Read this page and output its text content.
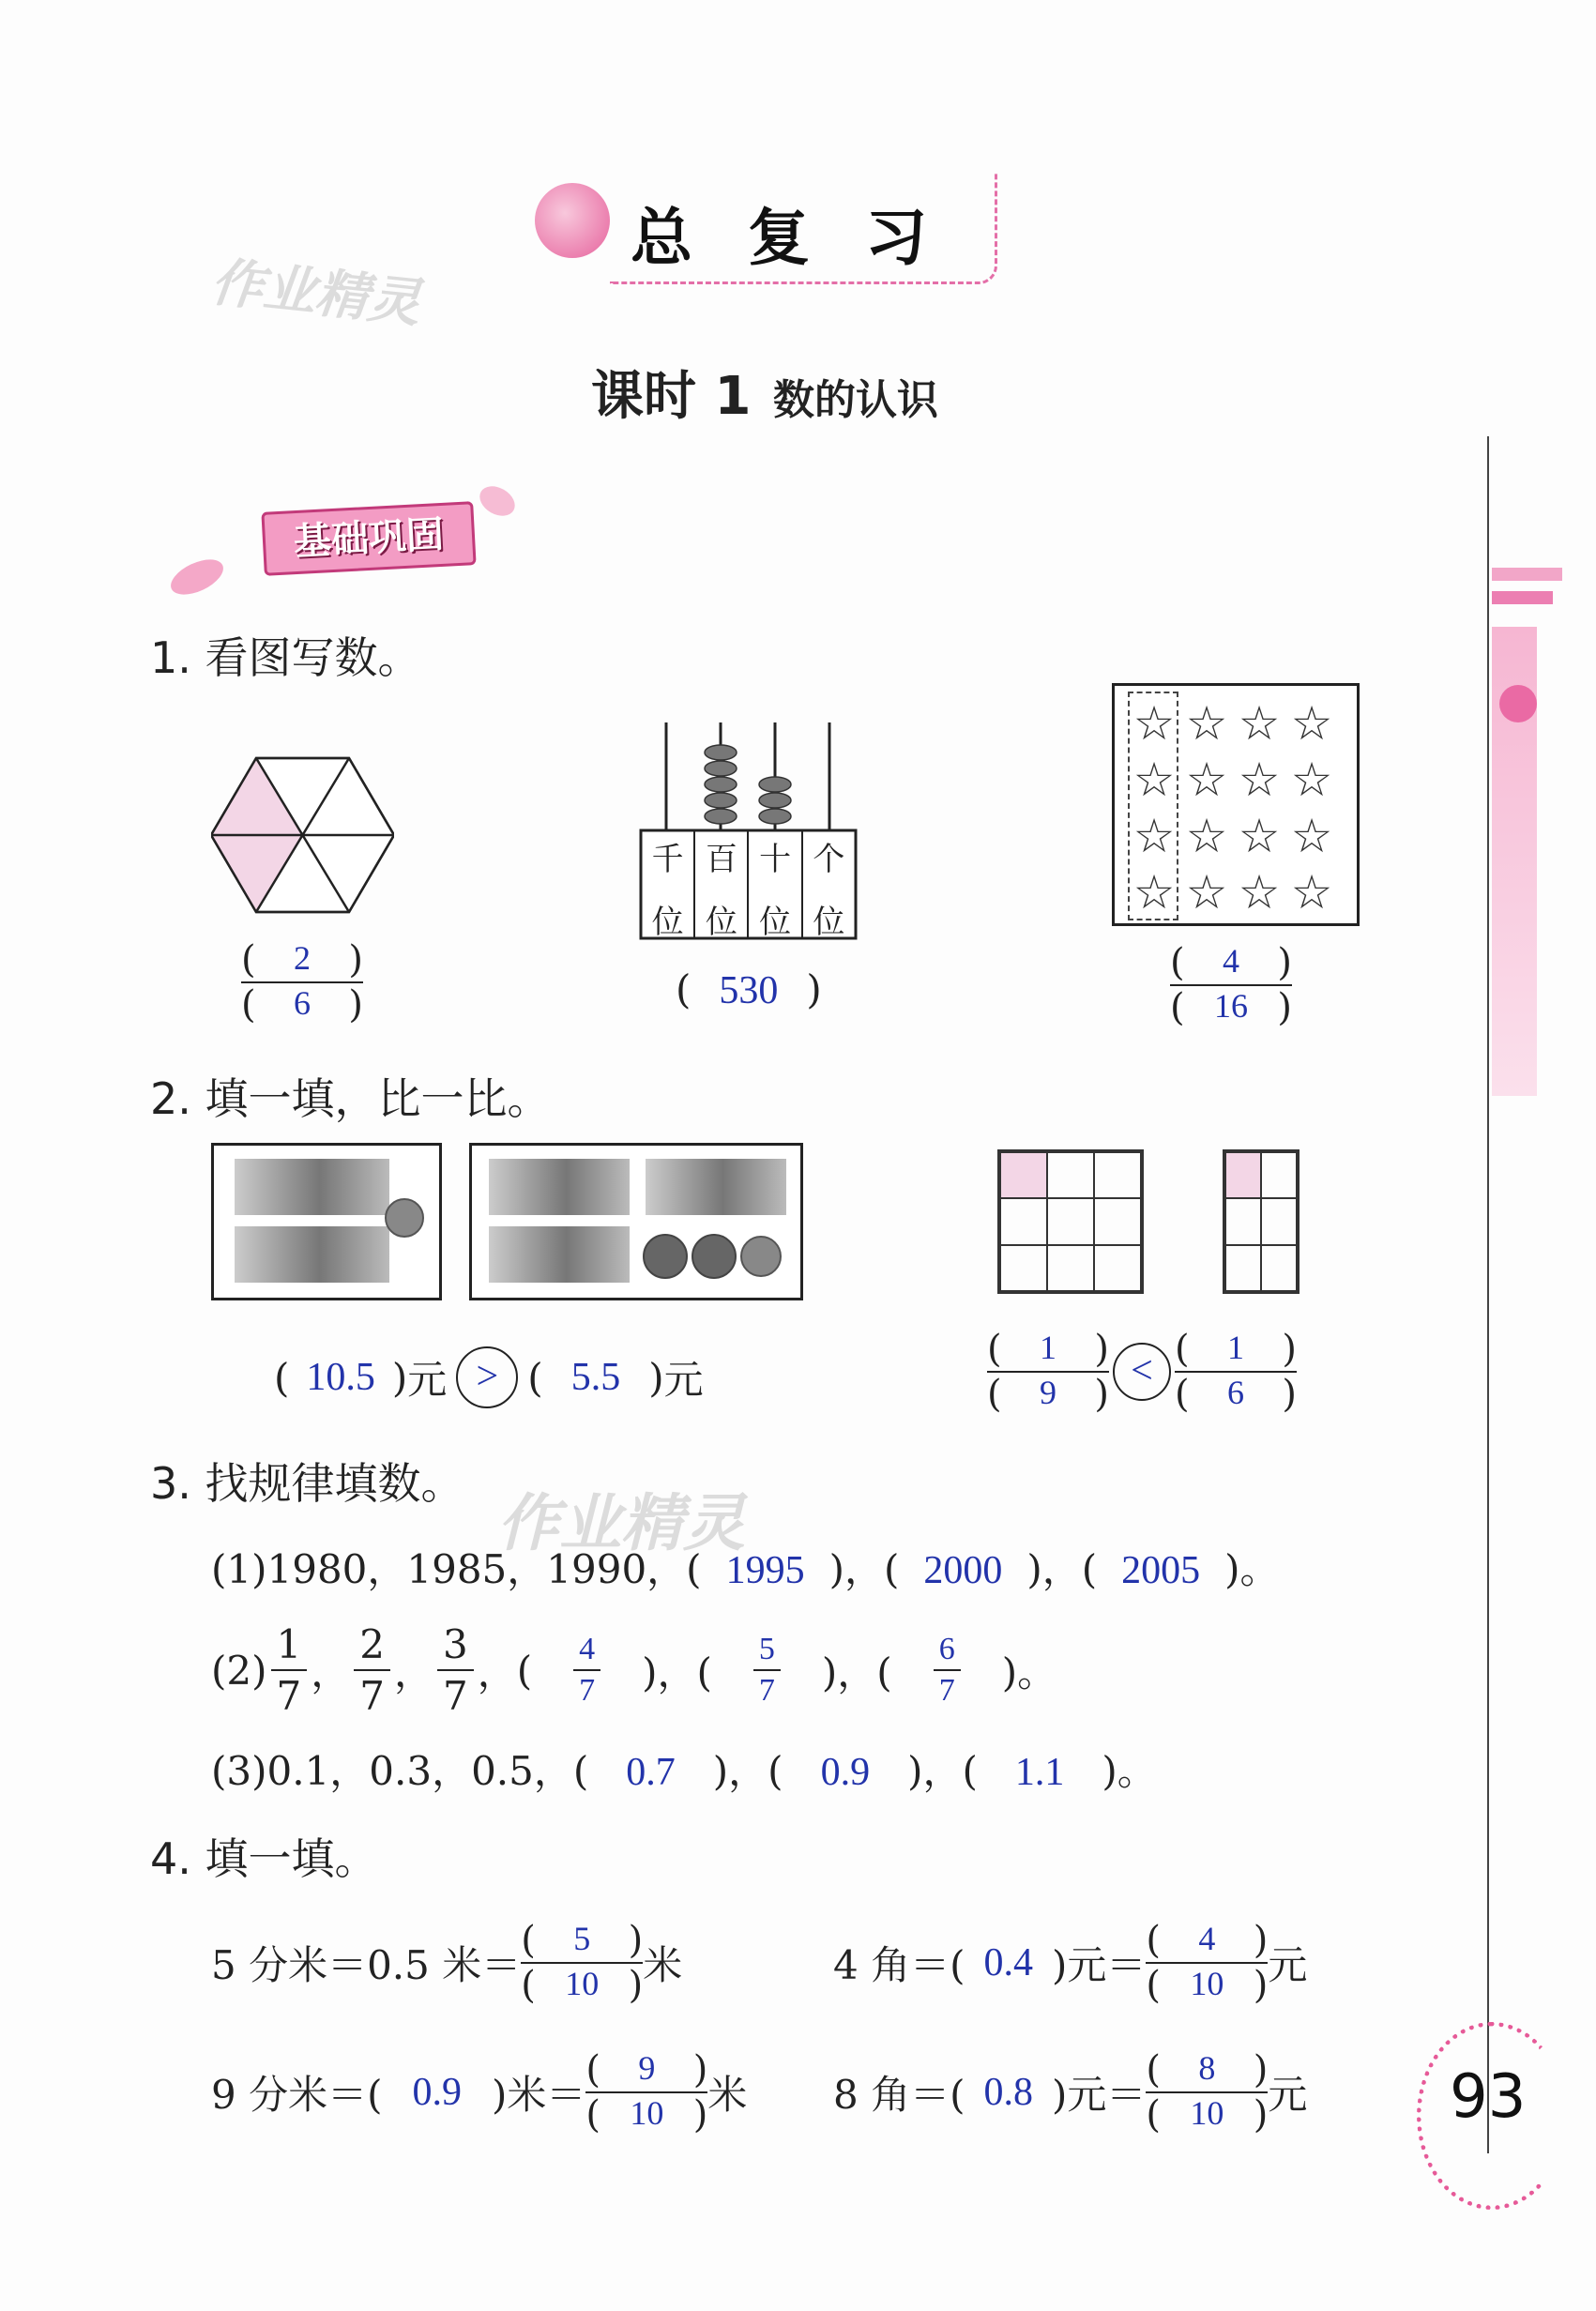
总 复 习
作业精灵
课时 1 数的认识
基础巩固
1. 看图写数。
( 2 )
( 6 )
千 百 十 个
位 位 位 位
( 530 )
☆ ☆ ☆ ☆
☆ ☆ ☆ ☆
☆ ☆ ☆ ☆
☆ ☆ ☆ ☆
( 4 )
( 16 )
2. 填一填，比一比。
( 10.5 ) 元 > ( 5.5 ) 元
( 1 )
( 9 )
< ( 1 )
( 6 )
3. 找规律填数。
作业精灵
(1)1980，1985，1990，( 1995 )，( 2000 )，( 2005 )。
$(2) \frac{1}{7}$ ， $\frac{2}{7}$ ， $\frac{3}{7}$ ， ( $\frac{4}{7}$ )，( $\frac{5}{7}$ )，( $\frac{6}{7}$ )。
(3)0.1，0.3，0.5，( 0.7 )，( 0.9 )，( 1.1 )。
4. 填一填。
5 分米＝0.5 米＝
( 5 )
( 10 ) 米	4 角＝( 0.4 )元＝
( 4 )
( 10 ) 元
9 分米＝( 0.9 )米＝
( 9 )
( 10 ) 米 8 角＝( 0.8 )元＝
( 8 )
( 10 ) 元 93
